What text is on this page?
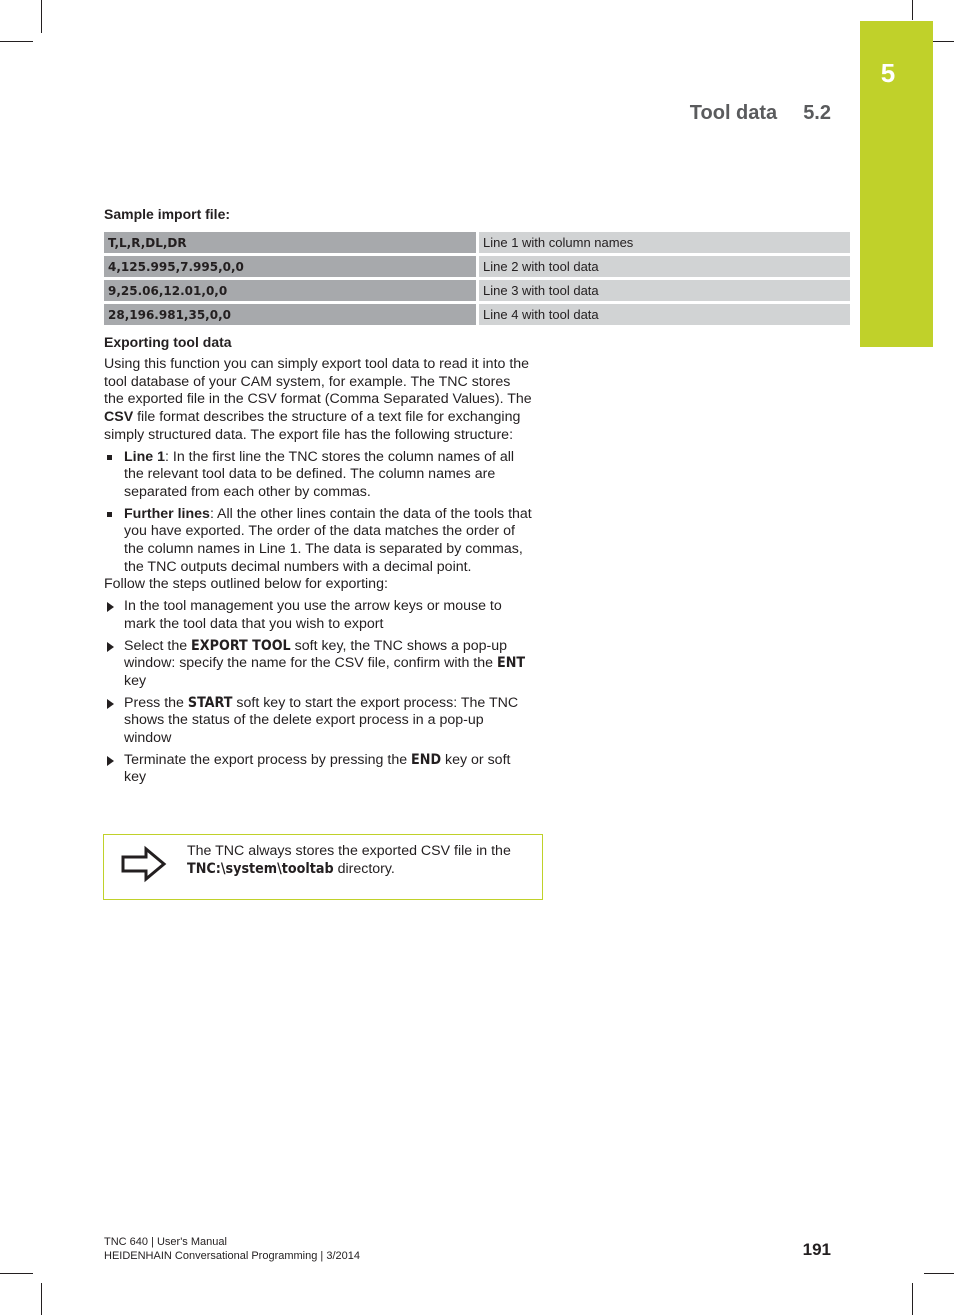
5
Tool data 5.2
Sample import file:
T,L,R,DL,DR	Line 1 with column names
4,125.995,7.995,0,0	Line 2 with tool data
9,25.06,12.01,0,0	Line 3 with tool data
28,196.981,35,0,0	Line 4 with tool data
Exporting tool data

Using this function you can simply export tool data to read it into the tool database of your CAM system, for example. The TNC stores the exported file in the CSV format (Comma Separated Values). The CSV file format describes the structure of a text file for exchanging simply structured data. The export file has the following structure:

Line 1: In the first line the TNC stores the column names of all the relevant tool data to be defined. The column names are separated from each other by commas.
Further lines: All the other lines contain the data of the tools that you have exported. The order of the data matches the order of the column names in Line 1. The data is separated by commas, the TNC outputs decimal numbers with a decimal point.

Follow the steps outlined below for exporting:

In the tool management you use the arrow keys or mouse to mark the tool data that you wish to export
Select the EXPORT TOOL soft key, the TNC shows a pop-up window: specify the name for the CSV file, confirm with the ENT key
Press the START soft key to start the export process: The TNC shows the status of the delete export process in a pop-up window
Terminate the export process by pressing the END key or soft key
The TNC always stores the exported CSV file in the TNC:\system\tooltab directory.
TNC 640 | User's Manual
HEIDENHAIN Conversational Programming | 3/2014	191
